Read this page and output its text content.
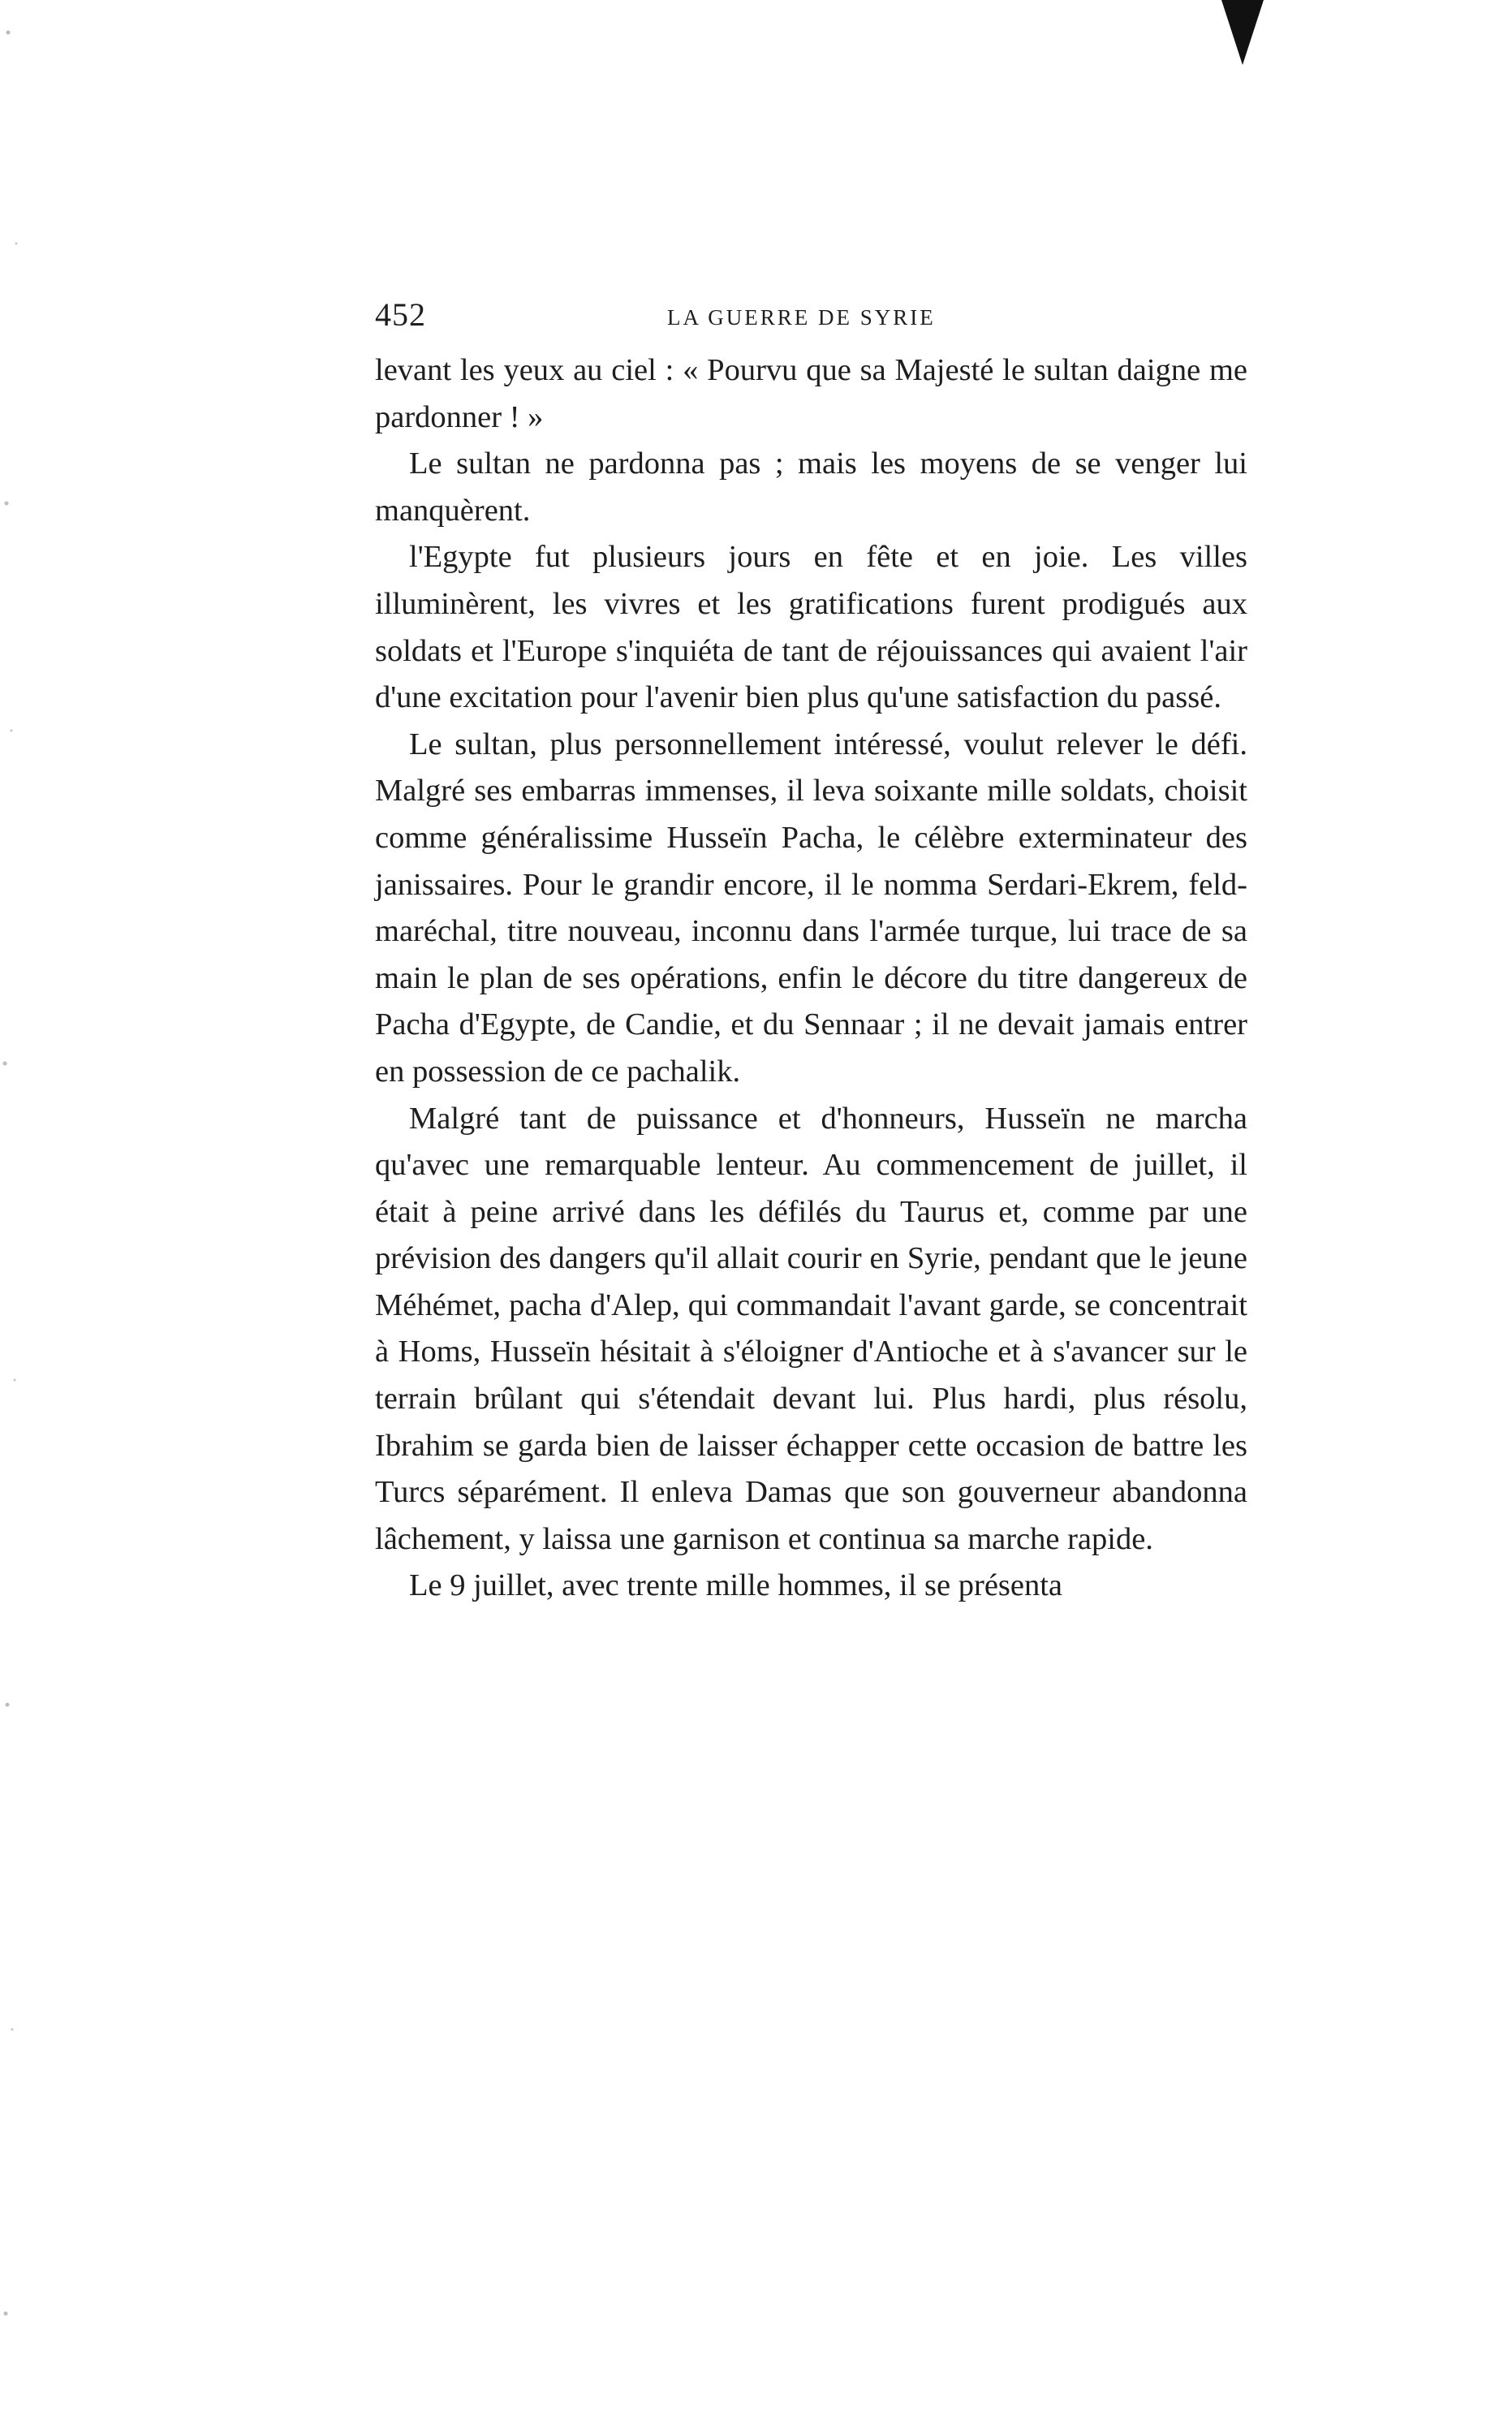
452	LA GUERRE DE SYRIE

levant les yeux au ciel : « Pourvu que sa Majesté le sultan daigne me pardonner ! »

Le sultan ne pardonna pas ; mais les moyens de se venger lui manquèrent.

l'Egypte fut plusieurs jours en fête et en joie. Les villes illuminèrent, les vivres et les gratifications furent prodigués aux soldats et l'Europe s'inquiéta de tant de réjouissances qui avaient l'air d'une excitation pour l'avenir bien plus qu'une satisfaction du passé.

Le sultan, plus personnellement intéressé, voulut relever le défi. Malgré ses embarras immenses, il leva soixante mille soldats, choisit comme généralissime Husseïn Pacha, le célèbre exterminateur des janissaires. Pour le grandir encore, il le nomma Serdari-Ekrem, feld-maréchal, titre nouveau, inconnu dans l'armée turque, lui trace de sa main le plan de ses opérations, enfin le décore du titre dangereux de Pacha d'Egypte, de Candie, et du Sennaar ; il ne devait jamais entrer en possession de ce pachalik.

Malgré tant de puissance et d'honneurs, Husseïn ne marcha qu'avec une remarquable lenteur. Au commencement de juillet, il était à peine arrivé dans les défilés du Taurus et, comme par une prévision des dangers qu'il allait courir en Syrie, pendant que le jeune Méhémet, pacha d'Alep, qui commandait l'avant garde, se concentrait à Homs, Husseïn hésitait à s'éloigner d'Antioche et à s'avancer sur le terrain brûlant qui s'étendait devant lui. Plus hardi, plus résolu, Ibrahim se garda bien de laisser échapper cette occasion de battre les Turcs séparément. Il enleva Damas que son gouverneur abandonna lâchement, y laissa une garnison et continua sa marche rapide.

Le 9 juillet, avec trente mille hommes, il se présenta
